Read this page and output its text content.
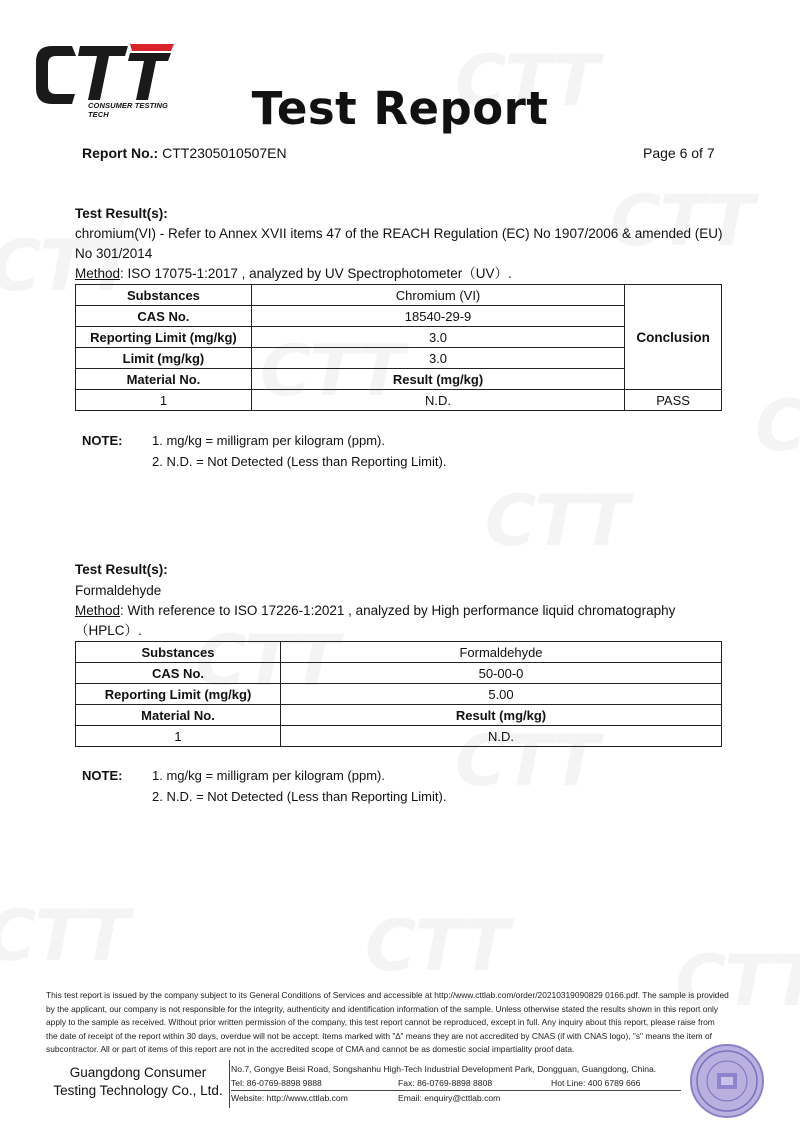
CONSUMER TESTING TECH	Test Report
Report No.: CTT2305010507EN	Page 6 of 7
Test Result(s):
chromium(VI) - Refer to Annex XVII items 47 of the REACH Regulation (EC) No 1907/2006 & amended (EU)
No 301/2014
Method: ISO 17075-1:2017 , analyzed by UV Spectrophotometer（UV）.
Substances	Chromium (VI)	Conclusion
CAS No.	18540-29-9	
Reporting Limit (mg/kg)	3.0	
Limit (mg/kg)	3.0	
Material No.	Result (mg/kg)	
1	N.D.	PASS
NOTE: 1. mg/kg = milligram per kilogram (ppm).
2. N.D. = Not Detected (Less than Reporting Limit).
Test Result(s):
Formaldehyde
Method: With reference to ISO 17226-1:2021 , analyzed by High performance liquid chromatography
（HPLC）.
Substances	Formaldehyde
CAS No.	50-00-0
Reporting Limit (mg/kg)	5.00
Material No.	Result (mg/kg)
1	N.D.
NOTE: 1. mg/kg = milligram per kilogram (ppm).
2. N.D. = Not Detected (Less than Reporting Limit).
This test report is issued by the company subject to its General Conditions of Services and accessible at http://www.cttlab.com/order/20210319090829 0166.pdf. The sample is provided
by the applicant, our company is not responsible for the integrity, authenticity and identification information of the sample. Unless otherwise stated the results shown in this report only
apply to the sample as received. Without prior written permission of the company, this test report cannot be reproduced, except in full. Any inquiry about this report, please raise from
the date of receipt of the report within 30 days, overdue will not be accept. Items marked with "∆" means they are not accredited by CNAS (if with CNAS logo), "s" means the item of
subcontractor. All or part of items of this report are not in the accredited scope of CMA and cannot be as domestic social impartiality proof data.
Guangdong Consumer
Testing Technology Co., Ltd.
No.7, Gongye Beisi Road, Songshanhu High-Tech Industrial Development Park, Dongguan, Guangdong, China.
Tel: 86-0769-8898 9888	Fax: 86-0769-8898 8808	Hot Line: 400 6789 666
Website: http://www.cttlab.com	Email: enquiry@cttlab.com
